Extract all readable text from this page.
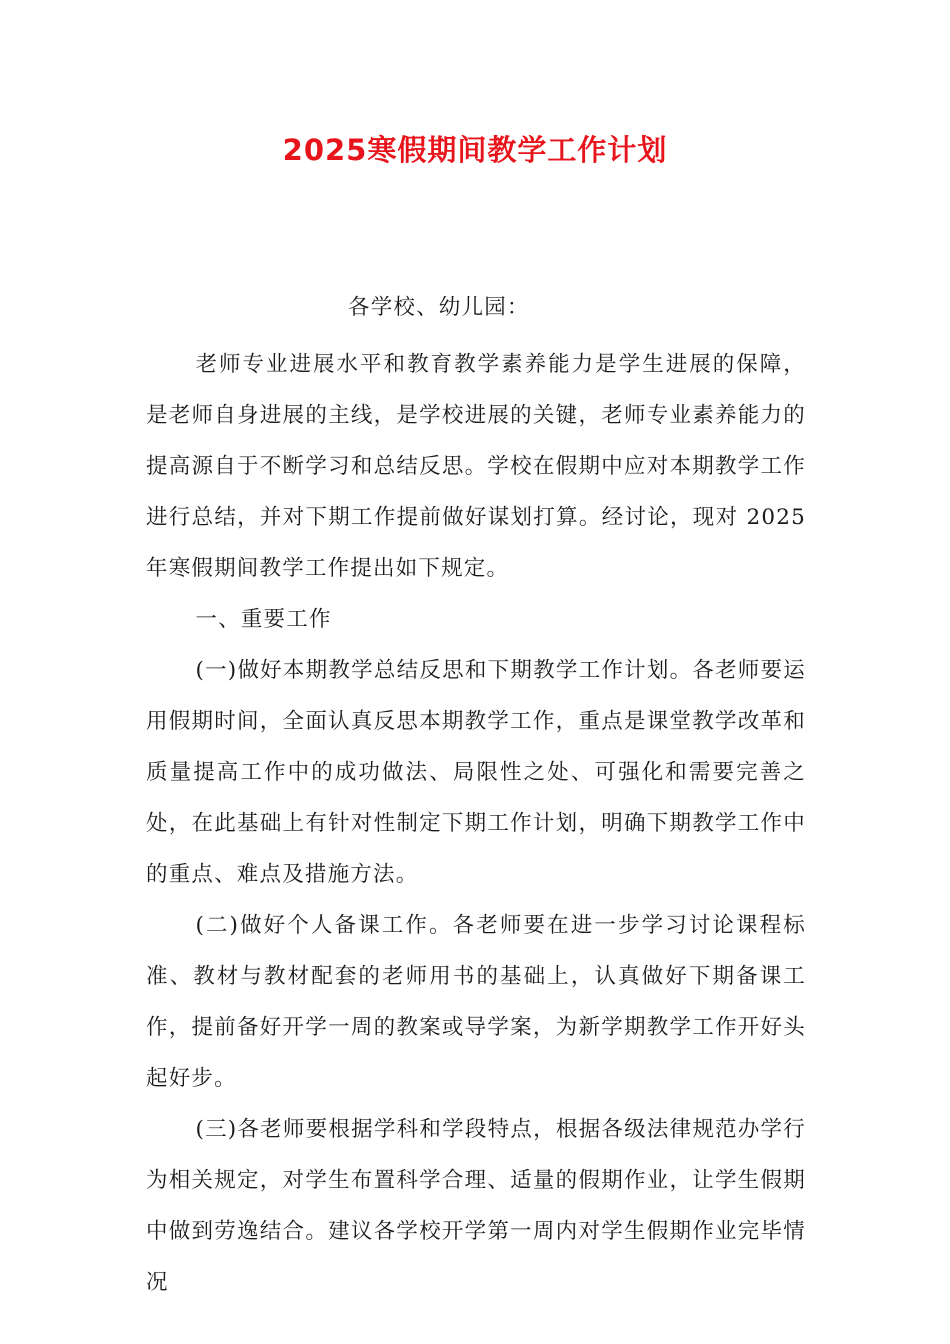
2025寒假期间教学工作计划

各学校、幼儿园：

老师专业进展水平和教育教学素养能力是学生进展的保障，是老师自身进展的主线，是学校进展的关键，老师专业素养能力的提高源自于不断学习和总结反思。学校在假期中应对本期教学工作进行总结，并对下期工作提前做好谋划打算。经讨论，现对 2025 年寒假期间教学工作提出如下规定。

一、重要工作

(一)做好本期教学总结反思和下期教学工作计划。各老师要运用假期时间，全面认真反思本期教学工作，重点是课堂教学改革和质量提高工作中的成功做法、局限性之处、可强化和需要完善之处，在此基础上有针对性制定下期工作计划，明确下期教学工作中的重点、难点及措施方法。

(二)做好个人备课工作。各老师要在进一步学习讨论课程标准、教材与教材配套的老师用书的基础上，认真做好下期备课工作，提前备好开学一周的教案或导学案，为新学期教学工作开好头起好步。

(三)各老师要根据学科和学段特点，根据各级法律规范办学行为相关规定，对学生布置科学合理、适量的假期作业，让学生假期中做到劳逸结合。建议各学校开学第一周内对学生假期作业完毕情况
